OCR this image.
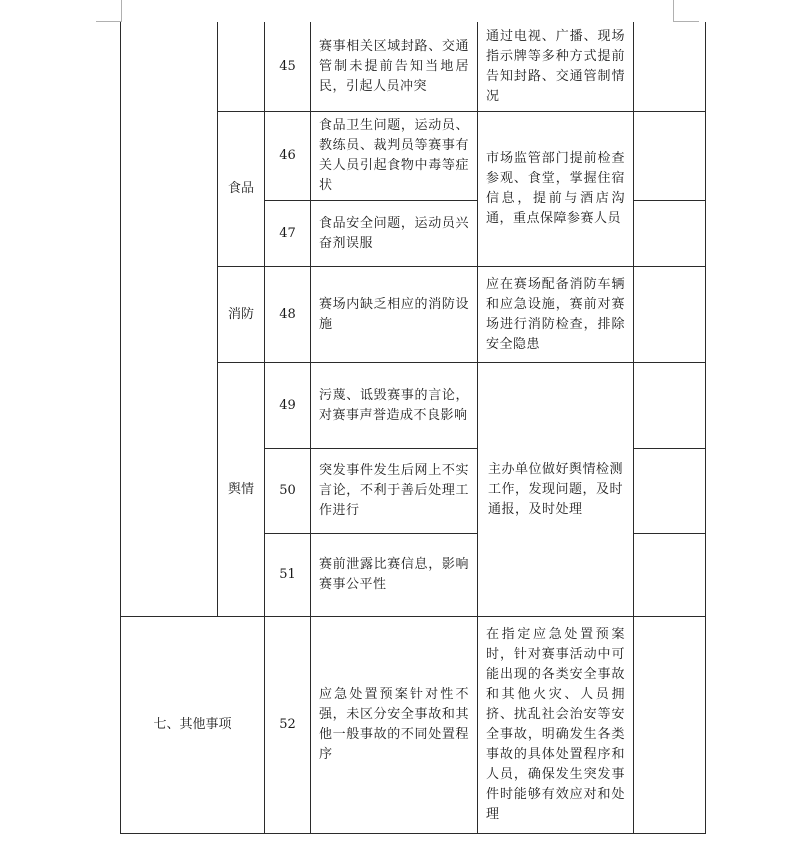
食品
消防
舆情
七、其他事项
45
46
47
48
49
50
51
52
赛事相关区域封路、交通管制未提前告知当地居民，引起人员冲突
食品卫生问题，运动员、教练员、裁判员等赛事有关人员引起食物中毒等症状
食品安全问题，运动员兴奋剂误服
赛场内缺乏相应的消防设施
污蔑、诋毁赛事的言论，对赛事声誉造成不良影响
突发事件发生后网上不实言论，不利于善后处理工作进行
赛前泄露比赛信息，影响赛事公平性
应急处置预案针对性不强，未区分安全事故和其他一般事故的不同处置程序
通过电视、广播、现场指示牌等多种方式提前告知封路、交通管制情况
市场监管部门提前检查参观、食堂，掌握住宿信息，提前与酒店沟通，重点保障参赛人员
应在赛场配备消防车辆和应急设施，赛前对赛场进行消防检查，排除安全隐患
主办单位做好舆情检测工作，发现问题，及时通报，及时处理
在指定应急处置预案时，针对赛事活动中可能出现的各类安全事故和其他火灾、人员拥挤、扰乱社会治安等安全事故，明确发生各类事故的具体处置程序和人员，确保发生突发事件时能够有效应对和处理
